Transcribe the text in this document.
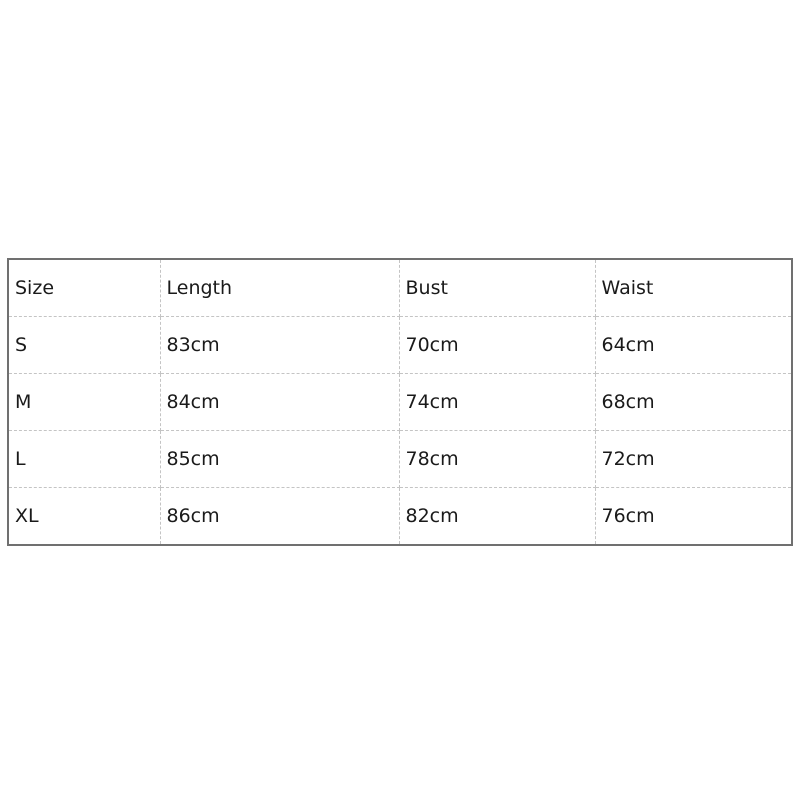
Size	Length	Bust	Waist
S	83cm	70cm	64cm
M	84cm	74cm	68cm
L	85cm	78cm	72cm
XL	86cm	82cm	76cm
